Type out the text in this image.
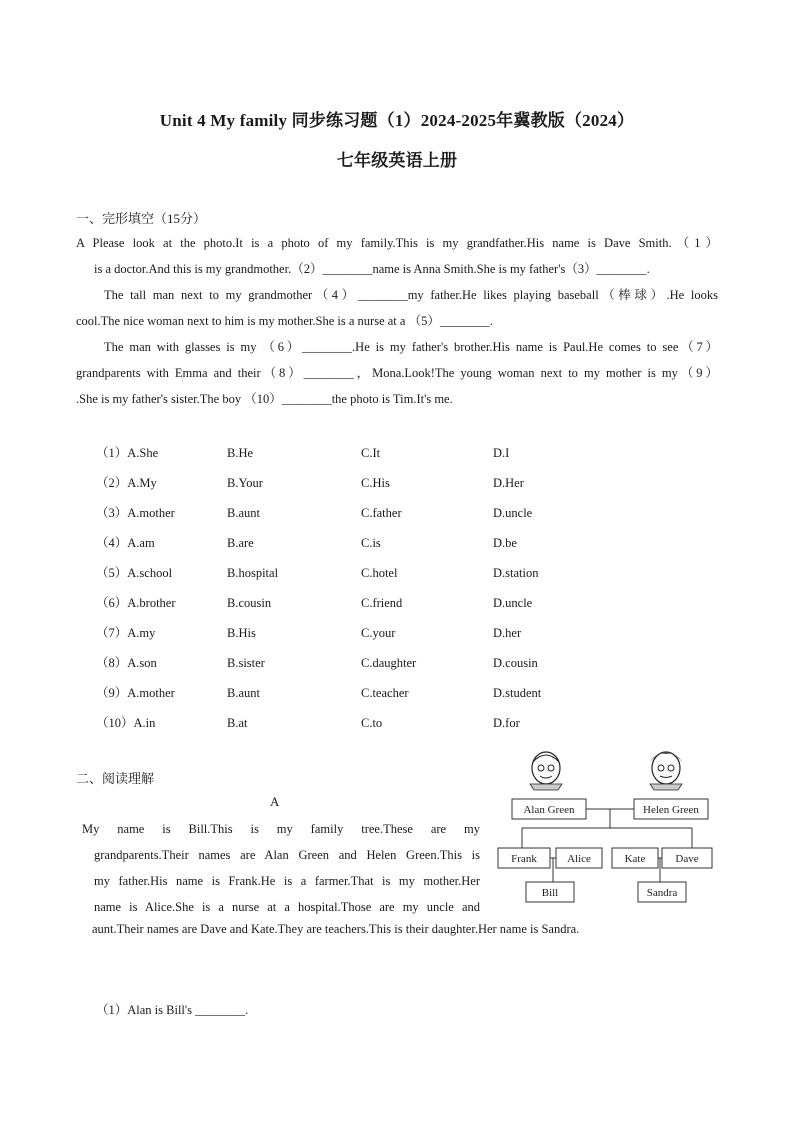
Unit 4 My family 同步练习题（1）2024-2025年冀教版（2024）
七年级英语上册
一、完形填空（15分）
A Please look at the photo.It is a photo of my family.This is my grandfather.His name is Dave Smith.（1）
is a doctor.And this is my grandmother.（2）________name is Anna Smith.She is my father's（3）________.
The tall man next to my grandmother（4）________my father.He likes playing baseball（棒球）.He looks
cool.The nice woman next to him is my mother.She is a nurse at a （5）________.
The man with glasses is my （6）________.He is my father's brother.His name is Paul.He comes to see（7）
grandparents with Emma and their（8）________，Mona.Look!The young woman next to my mother is my（9）
.She is my father's sister.The boy （10）________the photo is Tim.It's me.
（1）A.She	B.He	C.It	D.I
（2）A.My	B.Your	C.His	D.Her
（3）A.mother	B.aunt	C.father	D.uncle
（4）A.am	B.are	C.is	D.be
（5）A.school	B.hospital	C.hotel	D.station
（6）A.brother	B.cousin	C.friend	D.uncle
（7）A.my	B.His	C.your	D.her
（8）A.son	B.sister	C.daughter	D.cousin
（9）A.mother	B.aunt	C.teacher	D.student
（10）A.in	B.at	C.to	D.for
二、阅读理解
A
My name is Bill.This is my family tree.These are my
grandparents.Their names are Alan Green and Helen Green.This is
my father.His name is Frank.He is a farmer.That is my mother.Her
name is Alice.She is a nurse at a hospital.Those are my uncle and
aunt.Their names are Dave and Kate.They are teachers.This is their daughter.Her name is Sandra.
Alan Green	Helen Green
Frank	Alice	Kate	Dave
Bill	Sandra
（1）Alan is Bill's ________.
